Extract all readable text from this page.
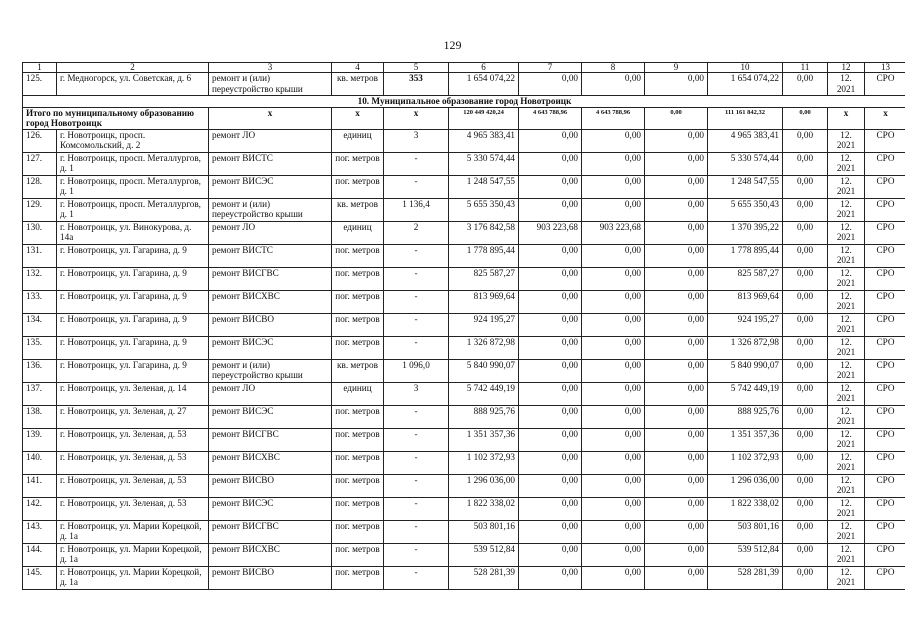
129
1	2	3	4	5	6	7	8	9	10	11	12	13
125.	г. Медногорск, ул. Советская, д. 6	ремонт и (или) переустройство крыши	кв. метров	353	1 654 074,22	0,00	0,00	0,00	1 654 074,22	0,00	12. 2021	СРО
10. Муниципальное образование город Новотроицк												
Итого по муниципальному образованию город Новотроицк		х	х	х	120 449 420,24	4 643 788,96	4 643 788,96	0,00	111 161 842,32	0,00	х	х
126.	г. Новотроицк, просп. Комсомольский, д. 2	ремонт ЛО	единиц	3	4 965 383,41	0,00	0,00	0,00	4 965 383,41	0,00	12. 2021	СРО
127.	г. Новотроицк, просп. Металлургов, д. 1	ремонт ВИСТС	пог. метров	-	5 330 574,44	0,00	0,00	0,00	5 330 574,44	0,00	12. 2021	СРО
128.	г. Новотроицк, просп. Металлургов, д. 1	ремонт ВИСЭС	пог. метров	-	1 248 547,55	0,00	0,00	0,00	1 248 547,55	0,00	12. 2021	СРО
129.	г. Новотроицк, просп. Металлургов, д. 1	ремонт и (или) переустройство крыши	кв. метров	1 136,4	5 655 350,43	0,00	0,00	0,00	5 655 350,43	0,00	12. 2021	СРО
130.	г. Новотроицк, ул. Винокурова, д. 14а	ремонт ЛО	единиц	2	3 176 842,58	903 223,68	903 223,68	0,00	1 370 395,22	0,00	12. 2021	СРО
131.	г. Новотроицк, ул. Гагарина, д. 9	ремонт ВИСТС	пог. метров	-	1 778 895,44	0,00	0,00	0,00	1 778 895,44	0,00	12. 2021	СРО
132.	г. Новотроицк, ул. Гагарина, д. 9	ремонт ВИСГВС	пог. метров	-	825 587,27	0,00	0,00	0,00	825 587,27	0,00	12. 2021	СРО
133.	г. Новотроицк, ул. Гагарина, д. 9	ремонт ВИСХВС	пог. метров	-	813 969,64	0,00	0,00	0,00	813 969,64	0,00	12. 2021	СРО
134.	г. Новотроицк, ул. Гагарина, д. 9	ремонт ВИСВО	пог. метров	-	924 195,27	0,00	0,00	0,00	924 195,27	0,00	12. 2021	СРО
135.	г. Новотроицк, ул. Гагарина, д. 9	ремонт ВИСЭС	пог. метров	-	1 326 872,98	0,00	0,00	0,00	1 326 872,98	0,00	12. 2021	СРО
136.	г. Новотроицк, ул. Гагарина, д. 9	ремонт и (или) переустройство крыши	кв. метров	1 096,0	5 840 990,07	0,00	0,00	0,00	5 840 990,07	0,00	12. 2021	СРО
137.	г. Новотроицк, ул. Зеленая, д. 14	ремонт ЛО	единиц	3	5 742 449,19	0,00	0,00	0,00	5 742 449,19	0,00	12. 2021	СРО
138.	г. Новотроицк, ул. Зеленая, д. 27	ремонт ВИСЭС	пог. метров	-	888 925,76	0,00	0,00	0,00	888 925,76	0,00	12. 2021	СРО
139.	г. Новотроицк, ул. Зеленая, д. 53	ремонт ВИСГВС	пог. метров	-	1 351 357,36	0,00	0,00	0,00	1 351 357,36	0,00	12. 2021	СРО
140.	г. Новотроицк, ул. Зеленая, д. 53	ремонт ВИСХВС	пог. метров	-	1 102 372,93	0,00	0,00	0,00	1 102 372,93	0,00	12. 2021	СРО
141.	г. Новотроицк, ул. Зеленая, д. 53	ремонт ВИСВО	пог. метров	-	1 296 036,00	0,00	0,00	0,00	1 296 036,00	0,00	12. 2021	СРО
142.	г. Новотроицк, ул. Зеленая, д. 53	ремонт ВИСЭС	пог. метров	-	1 822 338,02	0,00	0,00	0,00	1 822 338,02	0,00	12. 2021	СРО
143.	г. Новотроицк, ул. Марии Корецкой, д. 1а	ремонт ВИСГВС	пог. метров	-	503 801,16	0,00	0,00	0,00	503 801,16	0,00	12. 2021	СРО
144.	г. Новотроицк, ул. Марии Корецкой, д. 1а	ремонт ВИСХВС	пог. метров	-	539 512,84	0,00	0,00	0,00	539 512,84	0,00	12. 2021	СРО
145.	г. Новотроицк, ул. Марии Корецкой, д. 1а	ремонт ВИСВО	пог. метров	-	528 281,39	0,00	0,00	0,00	528 281,39	0,00	12. 2021	СРО
